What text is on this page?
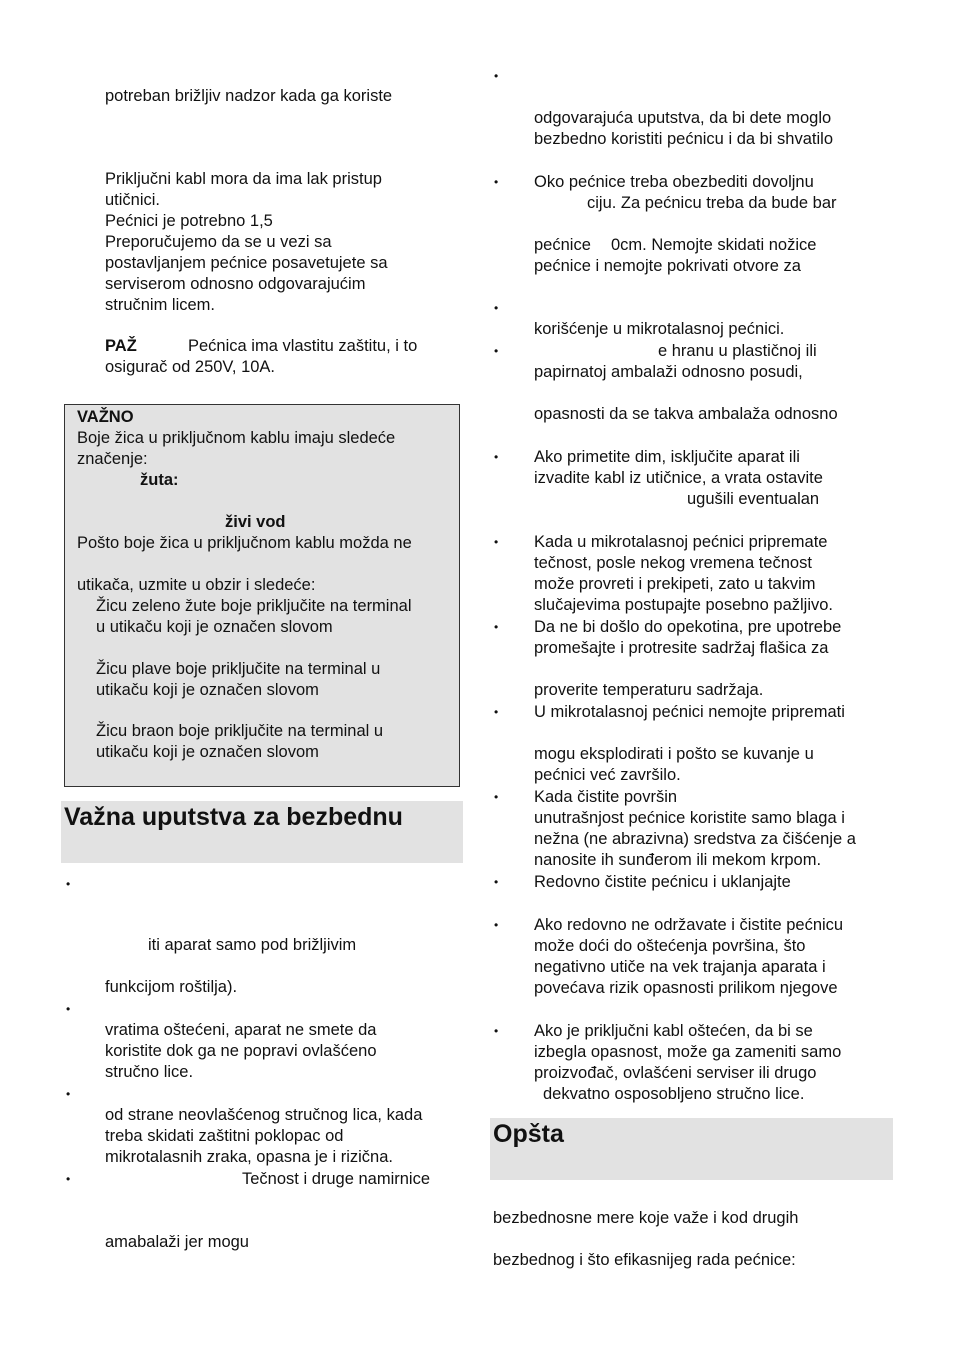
potreban brižljiv nadzor kada ga koriste
Priključni kabl mora da ima lak pristup
utičnici.
Pećnici je potrebno 1,5
Preporučujemo da se u vezi sa
postavljanjem pećnice posavetujete sa
serviserom odnosno odgovarajućim
stručnim licem.
PAŽ	Pećnica ima vlastitu zaštitu, i to
osigurač od 250V, 10A.
VAŽNO
Boje žica u priključnom kablu imaju sledeće
značenje:
žuta:
živi vod
Pošto boje žica u priključnom kablu možda ne
utikača, uzmite u obzir i sledeće:
Žicu zeleno žute boje priključite na terminal
u utikaču koji je označen slovom
Žicu plave boje priključite na terminal u
utikaču koji je označen slovom
Žicu braon boje priključite na terminal u
utikaču koji je označen slovom
Važna uputstva za bezbednu
•
iti aparat samo pod brižljivim
funkcijom roštilja).
•
vratima oštećeni, aparat ne smete da
koristite dok ga ne popravi ovlašćeno
stručno lice.
•
od strane neovlašćenog stručnog lica, kada
treba skidati zaštitni poklopac od
mikrotalasnih zraka, opasna je i rizična.
•	Tečnost i druge namirnice
amabalaži jer mogu
•
odgovarajuća uputstva, da bi dete moglo
bezbedno koristiti pećnicu i da bi shvatilo
• Oko pećnice treba obezbediti dovoljnu
ciju. Za pećnicu treba da bude bar
pećnice 0cm. Nemojte skidati nožice
pećnice i nemojte pokrivati otvore za
•
korišćenje u mikrotalasnoj pećnici.
•	e hranu u plastičnoj ili
papirnatoj ambalaži odnosno posudi,
opasnosti da se takva ambalaža odnosno
• Ako primetite dim, isključite aparat ili
izvadite kabl iz utičnice, a vrata ostavite
ugušili eventualan
• Kada u mikrotalasnoj pećnici pripremate
tečnost, posle nekog vremena tečnost
može provreti i prekipeti, zato u takvim
slučajevima postupajte posebno pažljivo.
• Da ne bi došlo do opekotina, pre upotrebe
promešajte i protresite sadržaj flašica za
proverite temperaturu sadržaja.
• U mikrotalasnoj pećnici nemojte pripremati
mogu eksplodirati i pošto se kuvanje u
pećnici već završilo.
• Kada čistite površin
unutrašnjost pećnice koristite samo blaga i
nežna (ne abrazivna) sredstva za čišćenje a
nanosite ih sunđerom ili mekom krpom.
• Redovno čistite pećnicu i uklanjajte
• Ako redovno ne održavate i čistite pećnicu
može doći do oštećenja površina, što
negativno utiče na vek trajanja aparata i
povećava rizik opasnosti prilikom njegove
• Ako je priključni kabl oštećen, da bi se
izbegla opasnost, može ga zameniti samo
proizvođač, ovlašćeni serviser ili drugo
dekvatno osposobljeno stručno lice.
Opšta
bezbednosne mere koje važe i kod drugih
bezbednog i što efikasnijeg rada pećnice:
